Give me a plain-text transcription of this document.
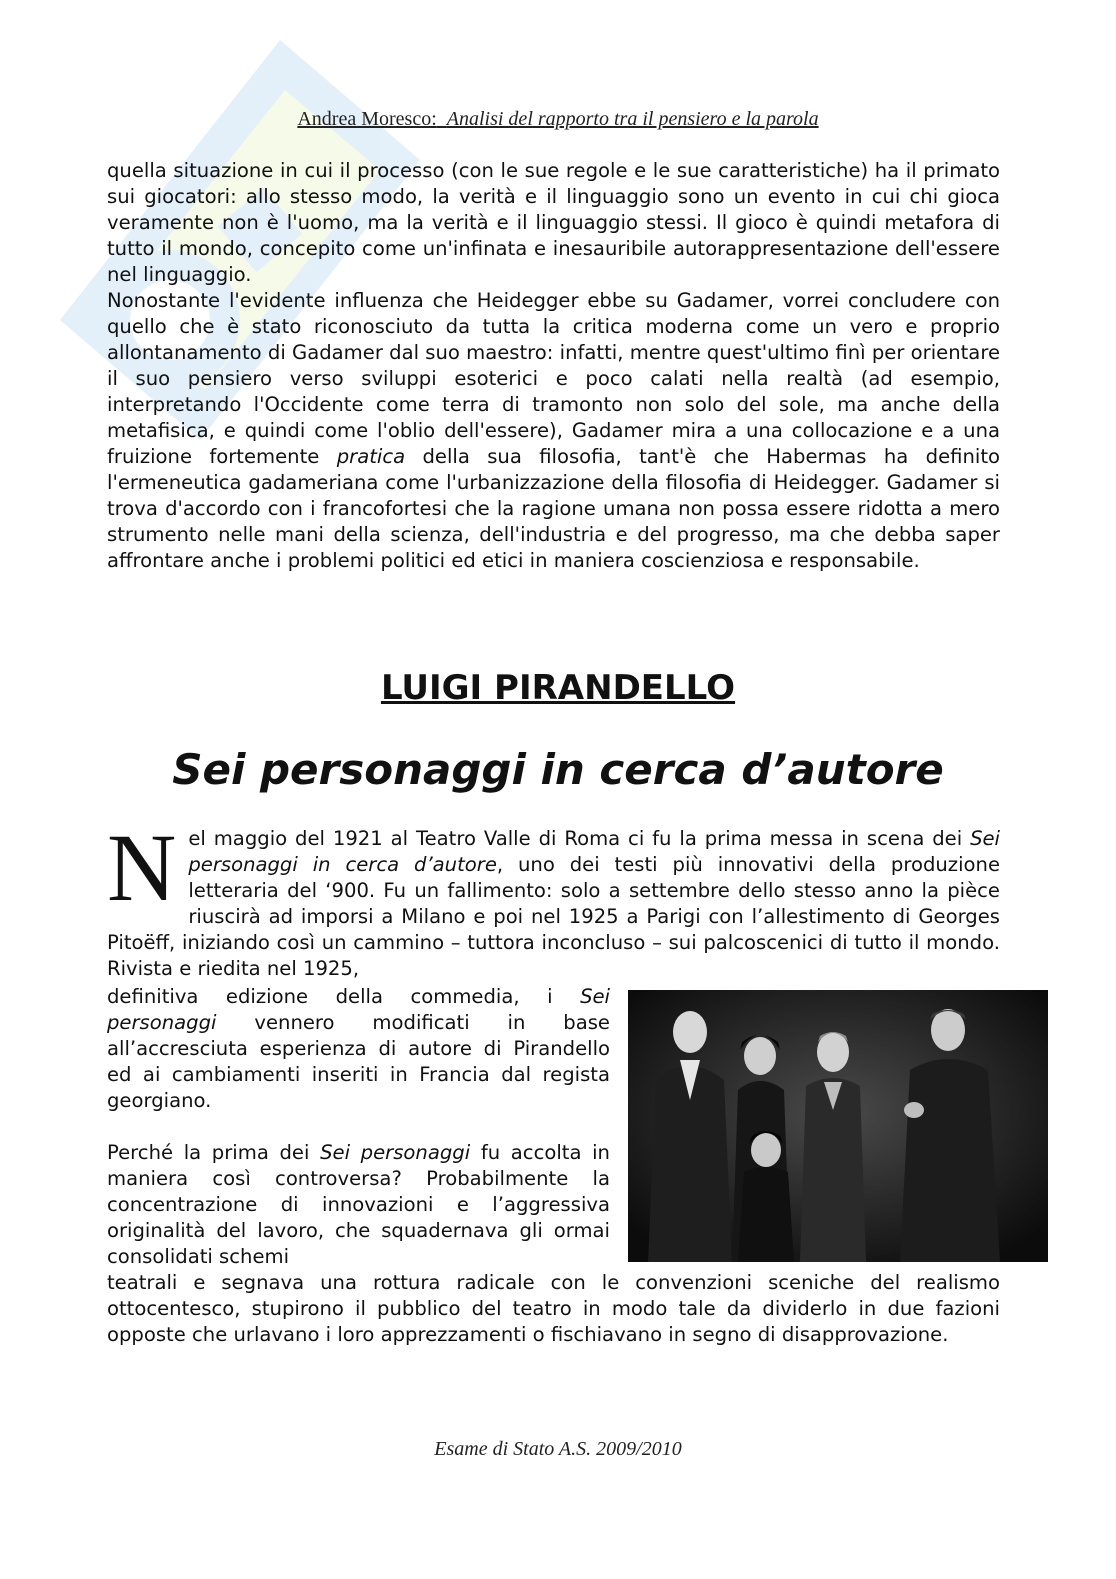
Andrea Moresco: Analisi del rapporto tra il pensiero e la parola

quella situazione in cui il processo (con le sue regole e le sue caratteristiche) ha il primato sui giocatori: allo stesso modo, la verità e il linguaggio sono un evento in cui chi gioca veramente non è l'uomo, ma la verità e il linguaggio stessi. Il gioco è quindi metafora di tutto il mondo, concepito come un'infinata e inesauribile autorappresentazione dell'essere nel linguaggio.

Nonostante l'evidente influenza che Heidegger ebbe su Gadamer, vorrei concludere con quello che è stato riconosciuto da tutta la critica moderna come un vero e proprio allontanamento di Gadamer dal suo maestro: infatti, mentre quest'ultimo finì per orientare il suo pensiero verso sviluppi esoterici e poco calati nella realtà (ad esempio, interpretando l'Occidente come terra di tramonto non solo del sole, ma anche della metafisica, e quindi come l'oblio dell'essere), Gadamer mira a una collocazione e a una fruizione fortemente pratica della sua filosofia, tant'è che Habermas ha definito l'ermeneutica gadameriana come l'urbanizzazione della filosofia di Heidegger. Gadamer si trova d'accordo con i francofortesi che la ragione umana non possa essere ridotta a mero strumento nelle mani della scienza, dell'industria e del progresso, ma che debba saper affrontare anche i problemi politici ed etici in maniera coscienziosa e responsabile.

LUIGI PIRANDELLO
Sei personaggi in cerca d’autore

Nel maggio del 1921 al Teatro Valle di Roma ci fu la prima messa in scena dei Sei personaggi in cerca d’autore, uno dei testi più innovativi della produzione letteraria del ‘900. Fu un fallimento: solo a settembre dello stesso anno la pièce riuscirà ad imporsi a Milano e poi nel 1925 a Parigi con l’allestimento di Georges Pitoëff, iniziando così un cammino – tuttora inconcluso – sui palcoscenici di tutto il mondo. Rivista e riedita nel 1925,

definitiva edizione della commedia, i Sei personaggi vennero modificati in base all’accresciuta esperienza di autore di Pirandello ed ai cambiamenti inseriti in Francia dal regista georgiano.

Perché la prima dei Sei personaggi fu accolta in maniera così controversa? Probabilmente la concentrazione di innovazioni e l’aggressiva originalità del lavoro, che squadernava gli ormai consolidati schemi

teatrali e segnava una rottura radicale con le convenzioni sceniche del realismo ottocentesco, stupirono il pubblico del teatro in modo tale da dividerlo in due fazioni opposte che urlavano i loro apprezzamenti o fischiavano in segno di disapprovazione.

Esame di Stato A.S. 2009/2010
